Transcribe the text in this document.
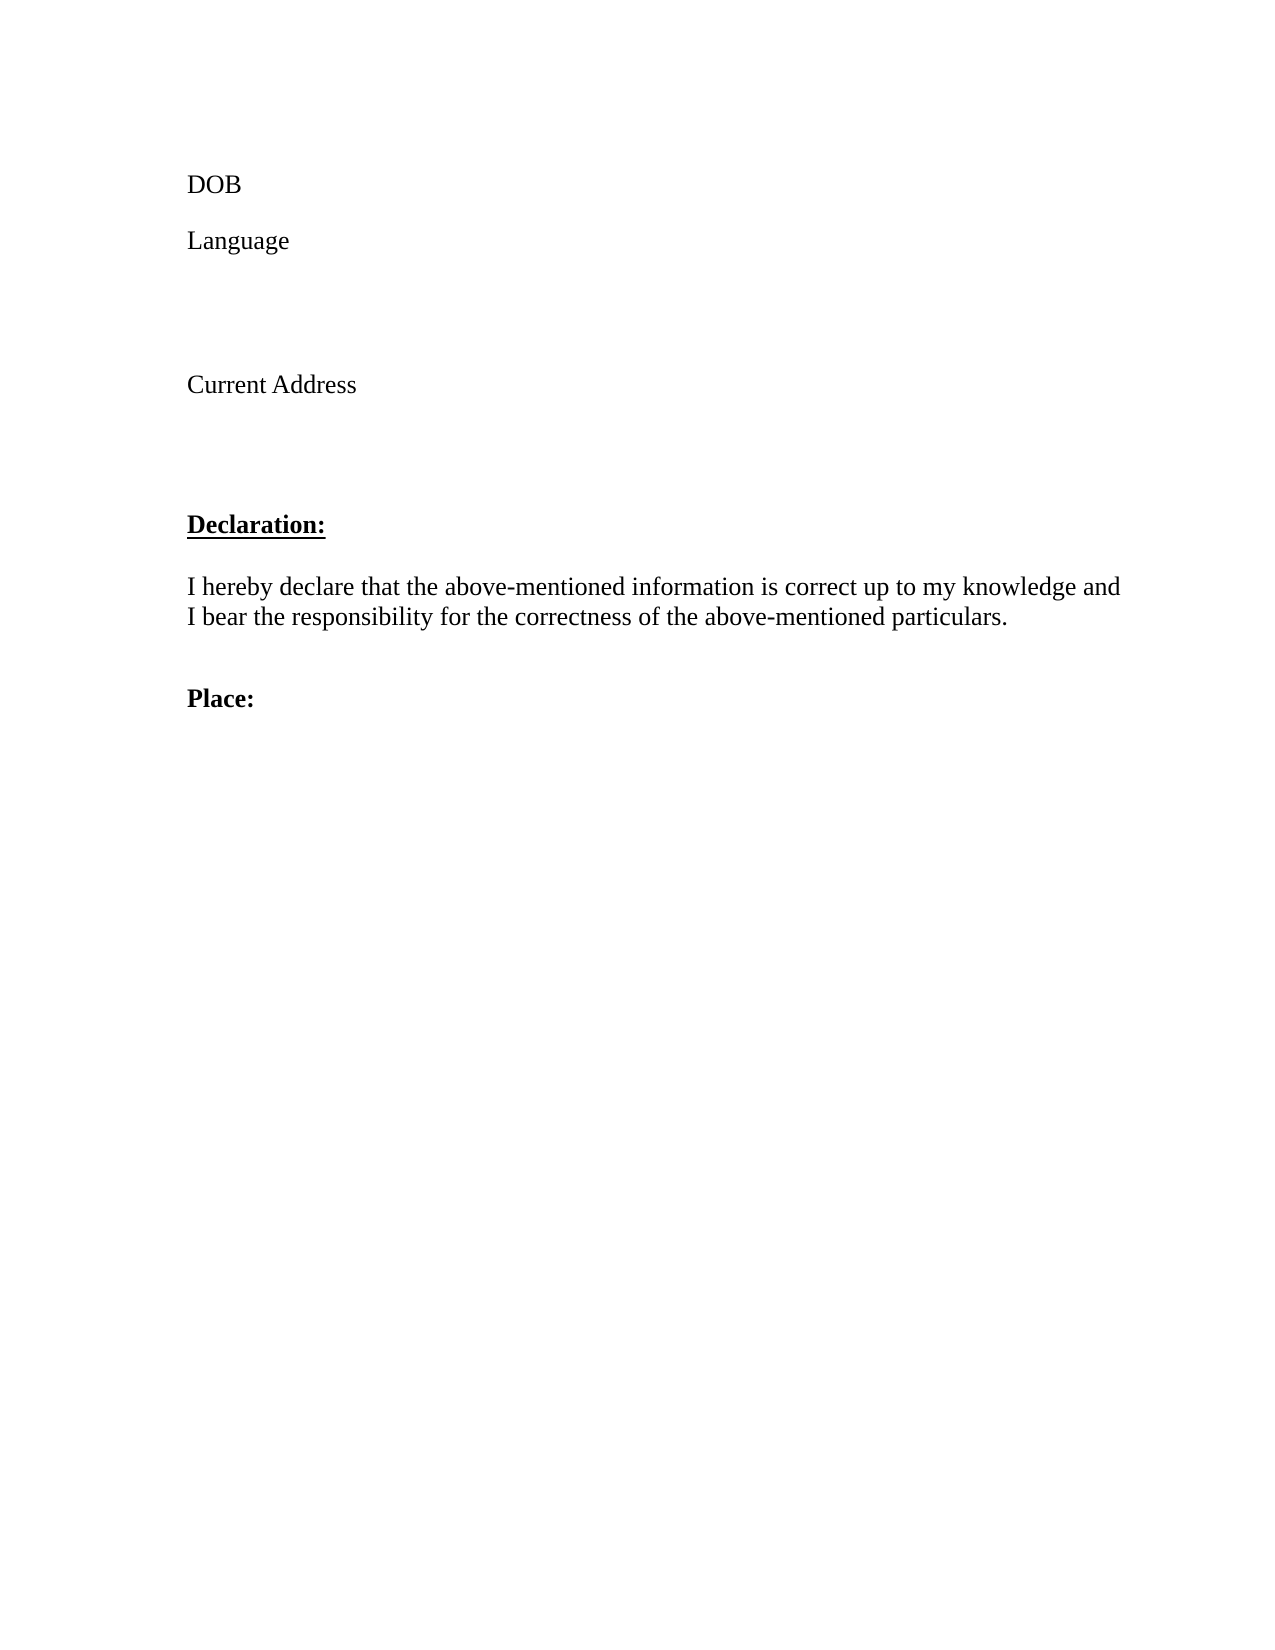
DOB
Language
Current Address
Declaration:
I hereby declare that the above-mentioned information is correct up to my knowledge and
I bear the responsibility for the correctness of the above-mentioned particulars.
Place:
